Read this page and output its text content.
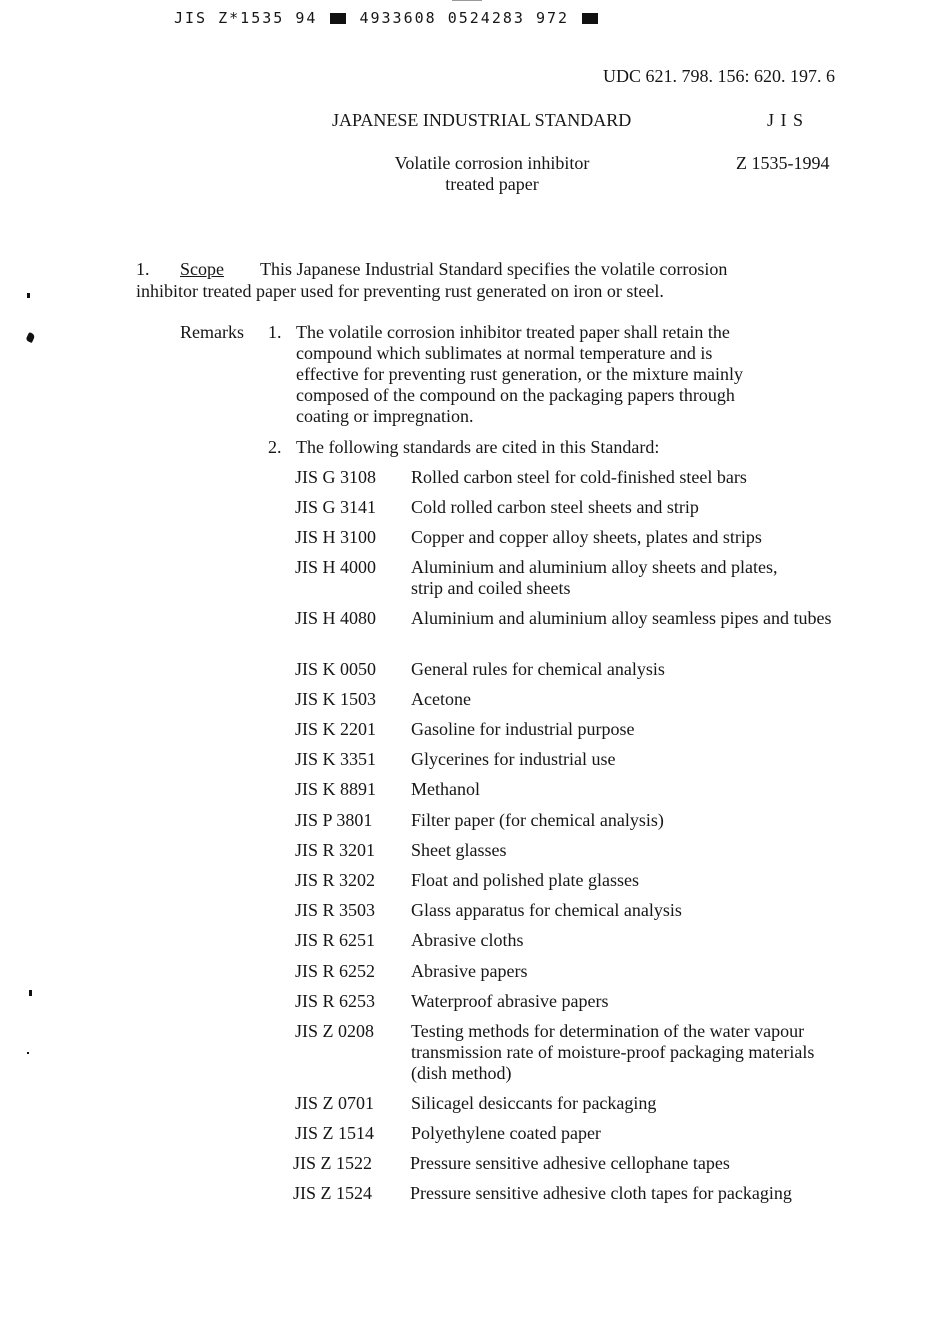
JIS Z*1535 94	4933608 0524283 972
UDC 621. 798. 156: 620. 197. 6
JAPANESE INDUSTRIAL STANDARD	J I S
Volatile corrosion inhibitor
treated paper
Z 1535-1994
1. Scope This Japanese Industrial Standard specifies the volatile corrosion
inhibitor treated paper used for preventing rust generated on iron or steel.
Remarks 1. The volatile corrosion inhibitor treated paper shall retain the
compound which sublimates at normal temperature and is
effective for preventing rust generation, or the mixture mainly
composed of the compound on the packaging papers through
coating or impregnation.
2. The following standards are cited in this Standard:
JIS G 3108	Rolled carbon steel for cold-finished steel bars
JIS G 3141	Cold rolled carbon steel sheets and strip
JIS H 3100	Copper and copper alloy sheets, plates and strips
JIS H 4000	Aluminium and aluminium alloy sheets and plates, strip and coiled sheets
JIS H 4080	Aluminium and aluminium alloy seamless pipes and tubes
JIS K 0050	General rules for chemical analysis
JIS K 1503	Acetone
JIS K 2201	Gasoline for industrial purpose
JIS K 3351	Glycerines for industrial use
JIS K 8891	Methanol
JIS P 3801	Filter paper (for chemical analysis)
JIS R 3201	Sheet glasses
JIS R 3202	Float and polished plate glasses
JIS R 3503	Glass apparatus for chemical analysis
JIS R 6251	Abrasive cloths
JIS R 6252	Abrasive papers
JIS R 6253	Waterproof abrasive papers
JIS Z 0208	Testing methods for determination of the water vapour transmission rate of moisture-proof packaging materials (dish method)
JIS Z 0701	Silicagel desiccants for packaging
JIS Z 1514	Polyethylene coated paper
JIS Z 1522	Pressure sensitive adhesive cellophane tapes
JIS Z 1524	Pressure sensitive adhesive cloth tapes for packaging
